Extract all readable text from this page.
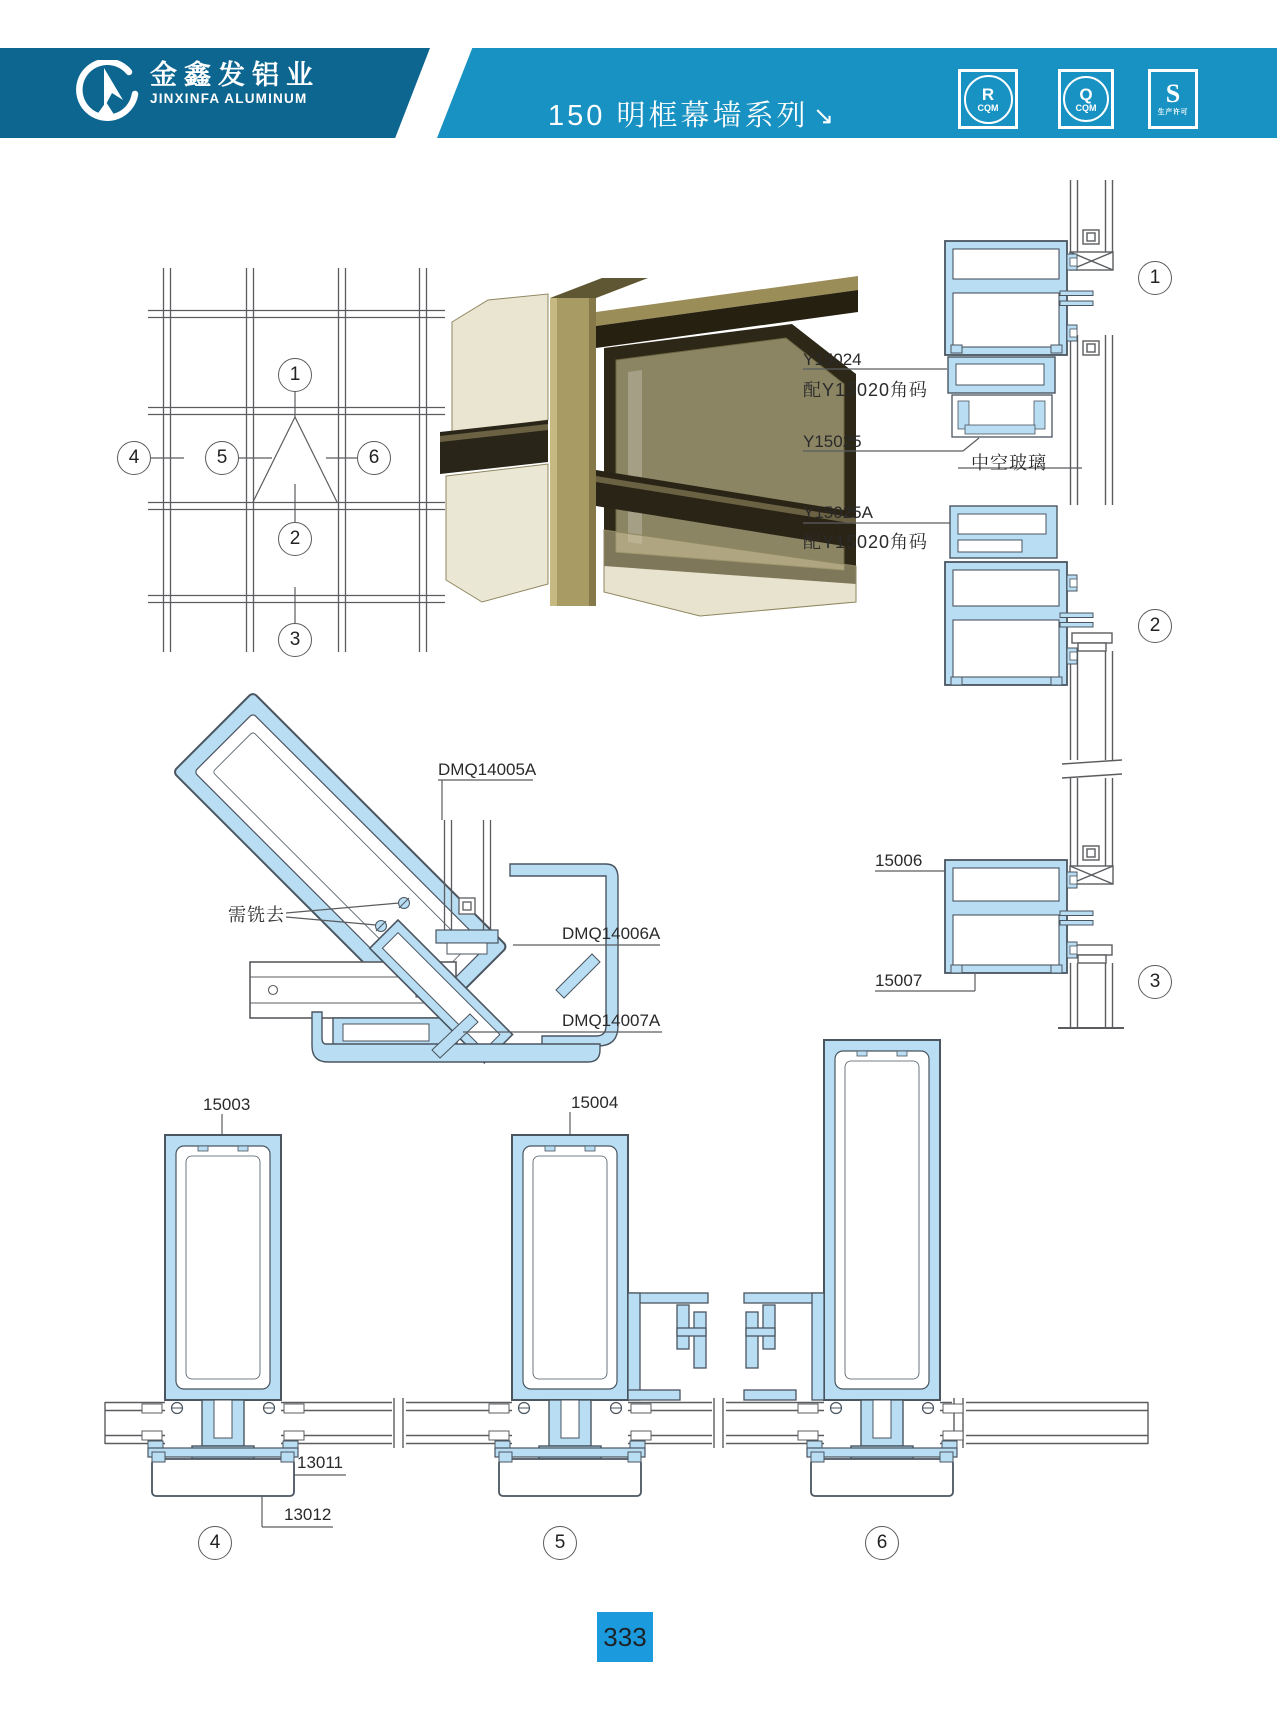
金鑫发铝业
JINXINFA ALUMINUM
150 明框幕墙系列 ↘
R
CQM
Q
CQM	S
生产许可
1
2
3
4	5	6
1
2
3
4	5	6
Y15024
配Y15020角码
Y15025
中空玻璃
Y15025A
配Y15020角码
15006
15007
DMQ14005A
需铣去
DMQ14006A
DMQ14007A
15003	15004
13011
13012
333
